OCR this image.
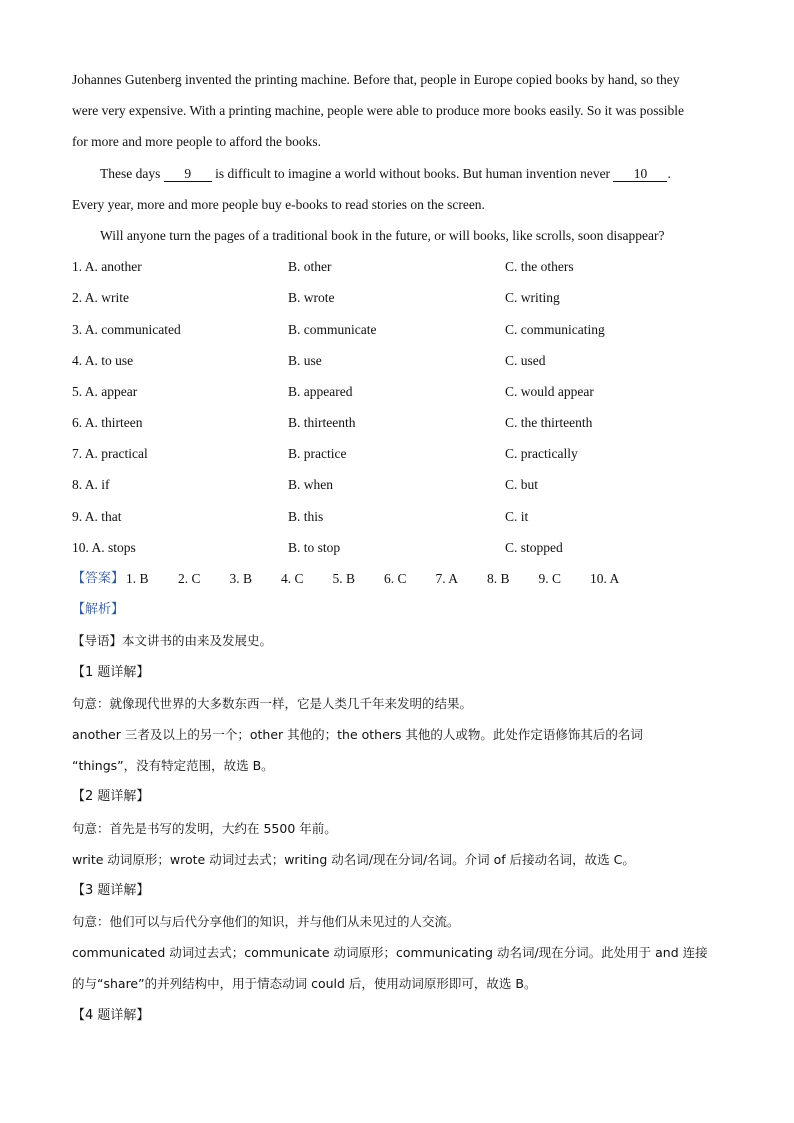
Johannes Gutenberg invented the printing machine. Before that, people in Europe copied books by hand, so they
were very expensive. With a printing machine, people were able to produce more books easily. So it was possible
for more and more people to afford the books.
These days 9 is difficult to imagine a world without books. But human invention never 10 .
Every year, more and more people buy e-books to read stories on the screen.
Will anyone turn the pages of a traditional book in the future, or will books, like scrolls, soon disappear?
1. A. another	B. other	C. the others
2. A. write	B. wrote	C. writing
3. A. communicated	B. communicate	C. communicating
4. A. to use	B. use	C. used
5. A. appear	B. appeared	C. would appear
6. A. thirteen	B. thirteenth	C. the thirteenth
7. A. practical	B. practice	C. practically
8. A. if	B. when	C. but
9. A. that	B. this	C. it
10. A. stops	B. to stop	C. stopped
【答案】 1. B	2. C	3. B	4. C	5. B	6. C	7. A	8. B	9. C	10. A
【解析】
【导语】本文讲书的由来及发展史。
【1 题详解】
句意：就像现代世界的大多数东西一样，它是人类几千年来发明的结果。
another 三者及以上的另一个；other 其他的；the others 其他的人或物。此处作定语修饰其后的名词
“things”，没有特定范围，故选 B。
【2 题详解】
句意：首先是书写的发明，大约在 5500 年前。
write 动词原形；wrote 动词过去式；writing 动名词/现在分词/名词。介词 of 后接动名词，故选 C。
【3 题详解】
句意：他们可以与后代分享他们的知识，并与他们从未见过的人交流。
communicated 动词过去式；communicate 动词原形；communicating 动名词/现在分词。此处用于 and 连接
的与“share”的并列结构中，用于情态动词 could 后，使用动词原形即可，故选 B。
【4 题详解】
